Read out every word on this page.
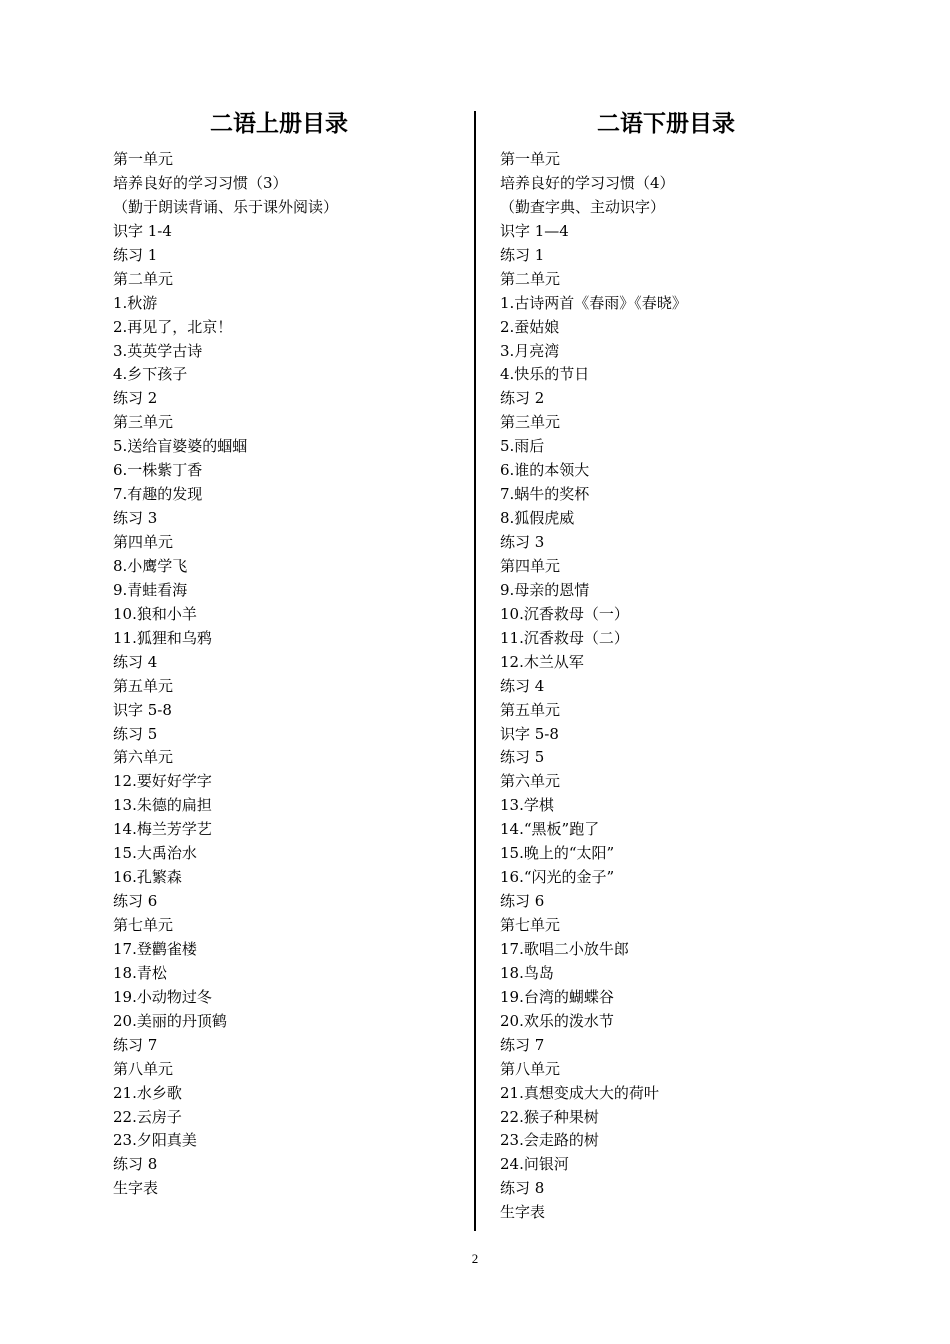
二语上册目录
第一单元
培养良好的学习习惯（3）
（勤于朗读背诵、乐于课外阅读）
识字 1-4
练习 1
第二单元
1.秋游
2.再见了，北京！
3.英英学古诗
4.乡下孩子
练习 2
第三单元
5.送给盲婆婆的蝈蝈
6.一株紫丁香
7.有趣的发现
练习 3
第四单元
8.小鹰学飞
9.青蛙看海
10.狼和小羊
11.狐狸和乌鸦
练习 4
第五单元
识字 5-8
练习 5
第六单元
12.要好好学字
13.朱德的扁担
14.梅兰芳学艺
15.大禹治水
16.孔繁森
练习 6
第七单元
17.登鹳雀楼
18.青松
19.小动物过冬
20.美丽的丹顶鹤
练习 7
第八单元
21.水乡歌
22.云房子
23.夕阳真美
练习 8
生字表
二语下册目录
第一单元
培养良好的学习习惯（4）
（勤查字典、主动识字）
识字 1—4
练习 1
第二单元
1.古诗两首《春雨》《春晓》
2.蚕姑娘
3.月亮湾
4.快乐的节日
练习 2
第三单元
5.雨后
6.谁的本领大
7.蜗牛的奖杯
8.狐假虎威
练习 3
第四单元
9.母亲的恩情
10.沉香救母（一）
11.沉香救母（二）
12.木兰从军
练习 4
第五单元
识字 5-8
练习 5
第六单元
13.学棋
14.“黑板”跑了
15.晚上的“太阳”
16.“闪光的金子”
练习 6
第七单元
17.歌唱二小放牛郎
18.鸟岛
19.台湾的蝴蝶谷
20.欢乐的泼水节
练习 7
第八单元
21.真想变成大大的荷叶
22.猴子种果树
23.会走路的树
24.问银河
练习 8
生字表
2
